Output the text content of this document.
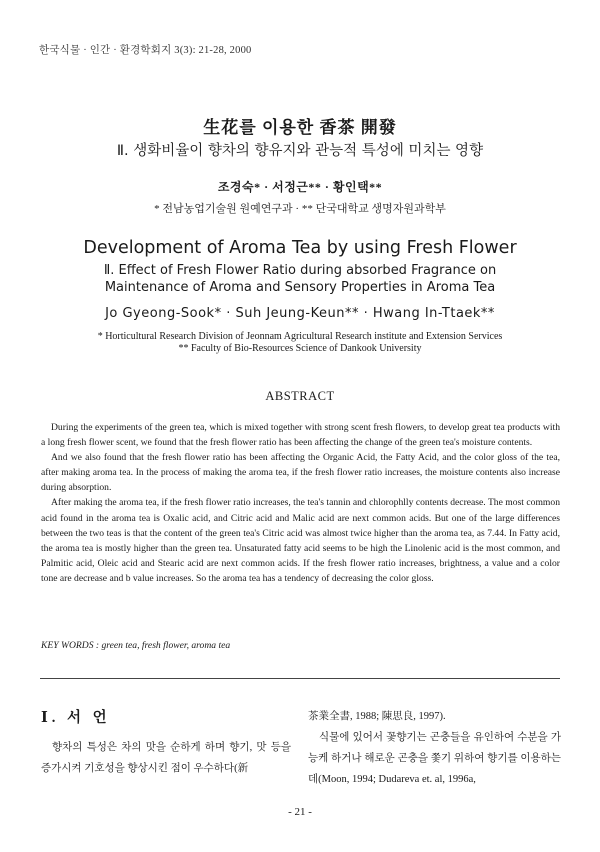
한국식물 · 인간 · 환경학회지 3(3): 21-28, 2000
生花를 이용한 香茶 開發
Ⅱ. 생화비율이 향차의 향유지와 관능적 특성에 미치는 영향
조경숙* · 서정근** · 황인택**
* 전남농업기술원 원예연구과 · ** 단국대학교 생명자원과학부
Development of Aroma Tea by using Fresh Flower
Ⅱ. Effect of Fresh Flower Ratio during absorbed Fragrance on Maintenance of Aroma and Sensory Properties in Aroma Tea
Jo Gyeong-Sook* · Suh Jeung-Keun** · Hwang In-Ttaek**
* Horticultural Research Division of Jeonnam Agricultural Research institute and Extension Services
** Faculty of Bio-Resources Science of Dankook University
ABSTRACT

During the experiments of the green tea, which is mixed together with strong scent fresh flowers, to develop great tea products with a long fresh flower scent, we found that the fresh flower ratio has been affecting the change of the green tea's moisture contents.

And we also found that the fresh flower ratio has been affecting the Organic Acid, the Fatty Acid, and the color gloss of the tea, after making aroma tea. In the process of making the aroma tea, if the fresh flower ratio increases, the moisture contents also increase during absorption.

After making the aroma tea, if the fresh flower ratio increases, the tea's tannin and chlorophlly contents decrease. The most common acid found in the aroma tea is Oxalic acid, and Citric acid and Malic acid are next common acids. But one of the large differences between the two teas is that the content of the green tea's Citric acid was almost twice higher than the aroma tea, as 7.44. In Fatty acid, the aroma tea is mostly higher than the green tea. Unsaturated fatty acid seems to be high the Linolenic acid is the most common, and Palmitic acid, Oleic acid and Stearic acid are next common acids. If the fresh flower ratio increases, brightness, a value and a color tone are decrease and b value increases. So the aroma tea has a tendency of decreasing the color gloss.

KEY WORDS : green tea, fresh flower, aroma tea
Ⅰ. 서 언

향차의 특성은 차의 맛을 순하게 하며 향기, 맛 등을 증가시켜 기호성을 향상시킨 점이 우수하다(新

茶業全書, 1988; 陳思良, 1997).

식물에 있어서 꽃향기는 곤충들을 유인하여 수분을 가능케 하거나 해로운 곤충을 쫓기 위하여 향기를 이용하는데(Moon, 1994; Dudareva et. al, 1996a,

- 21 -
